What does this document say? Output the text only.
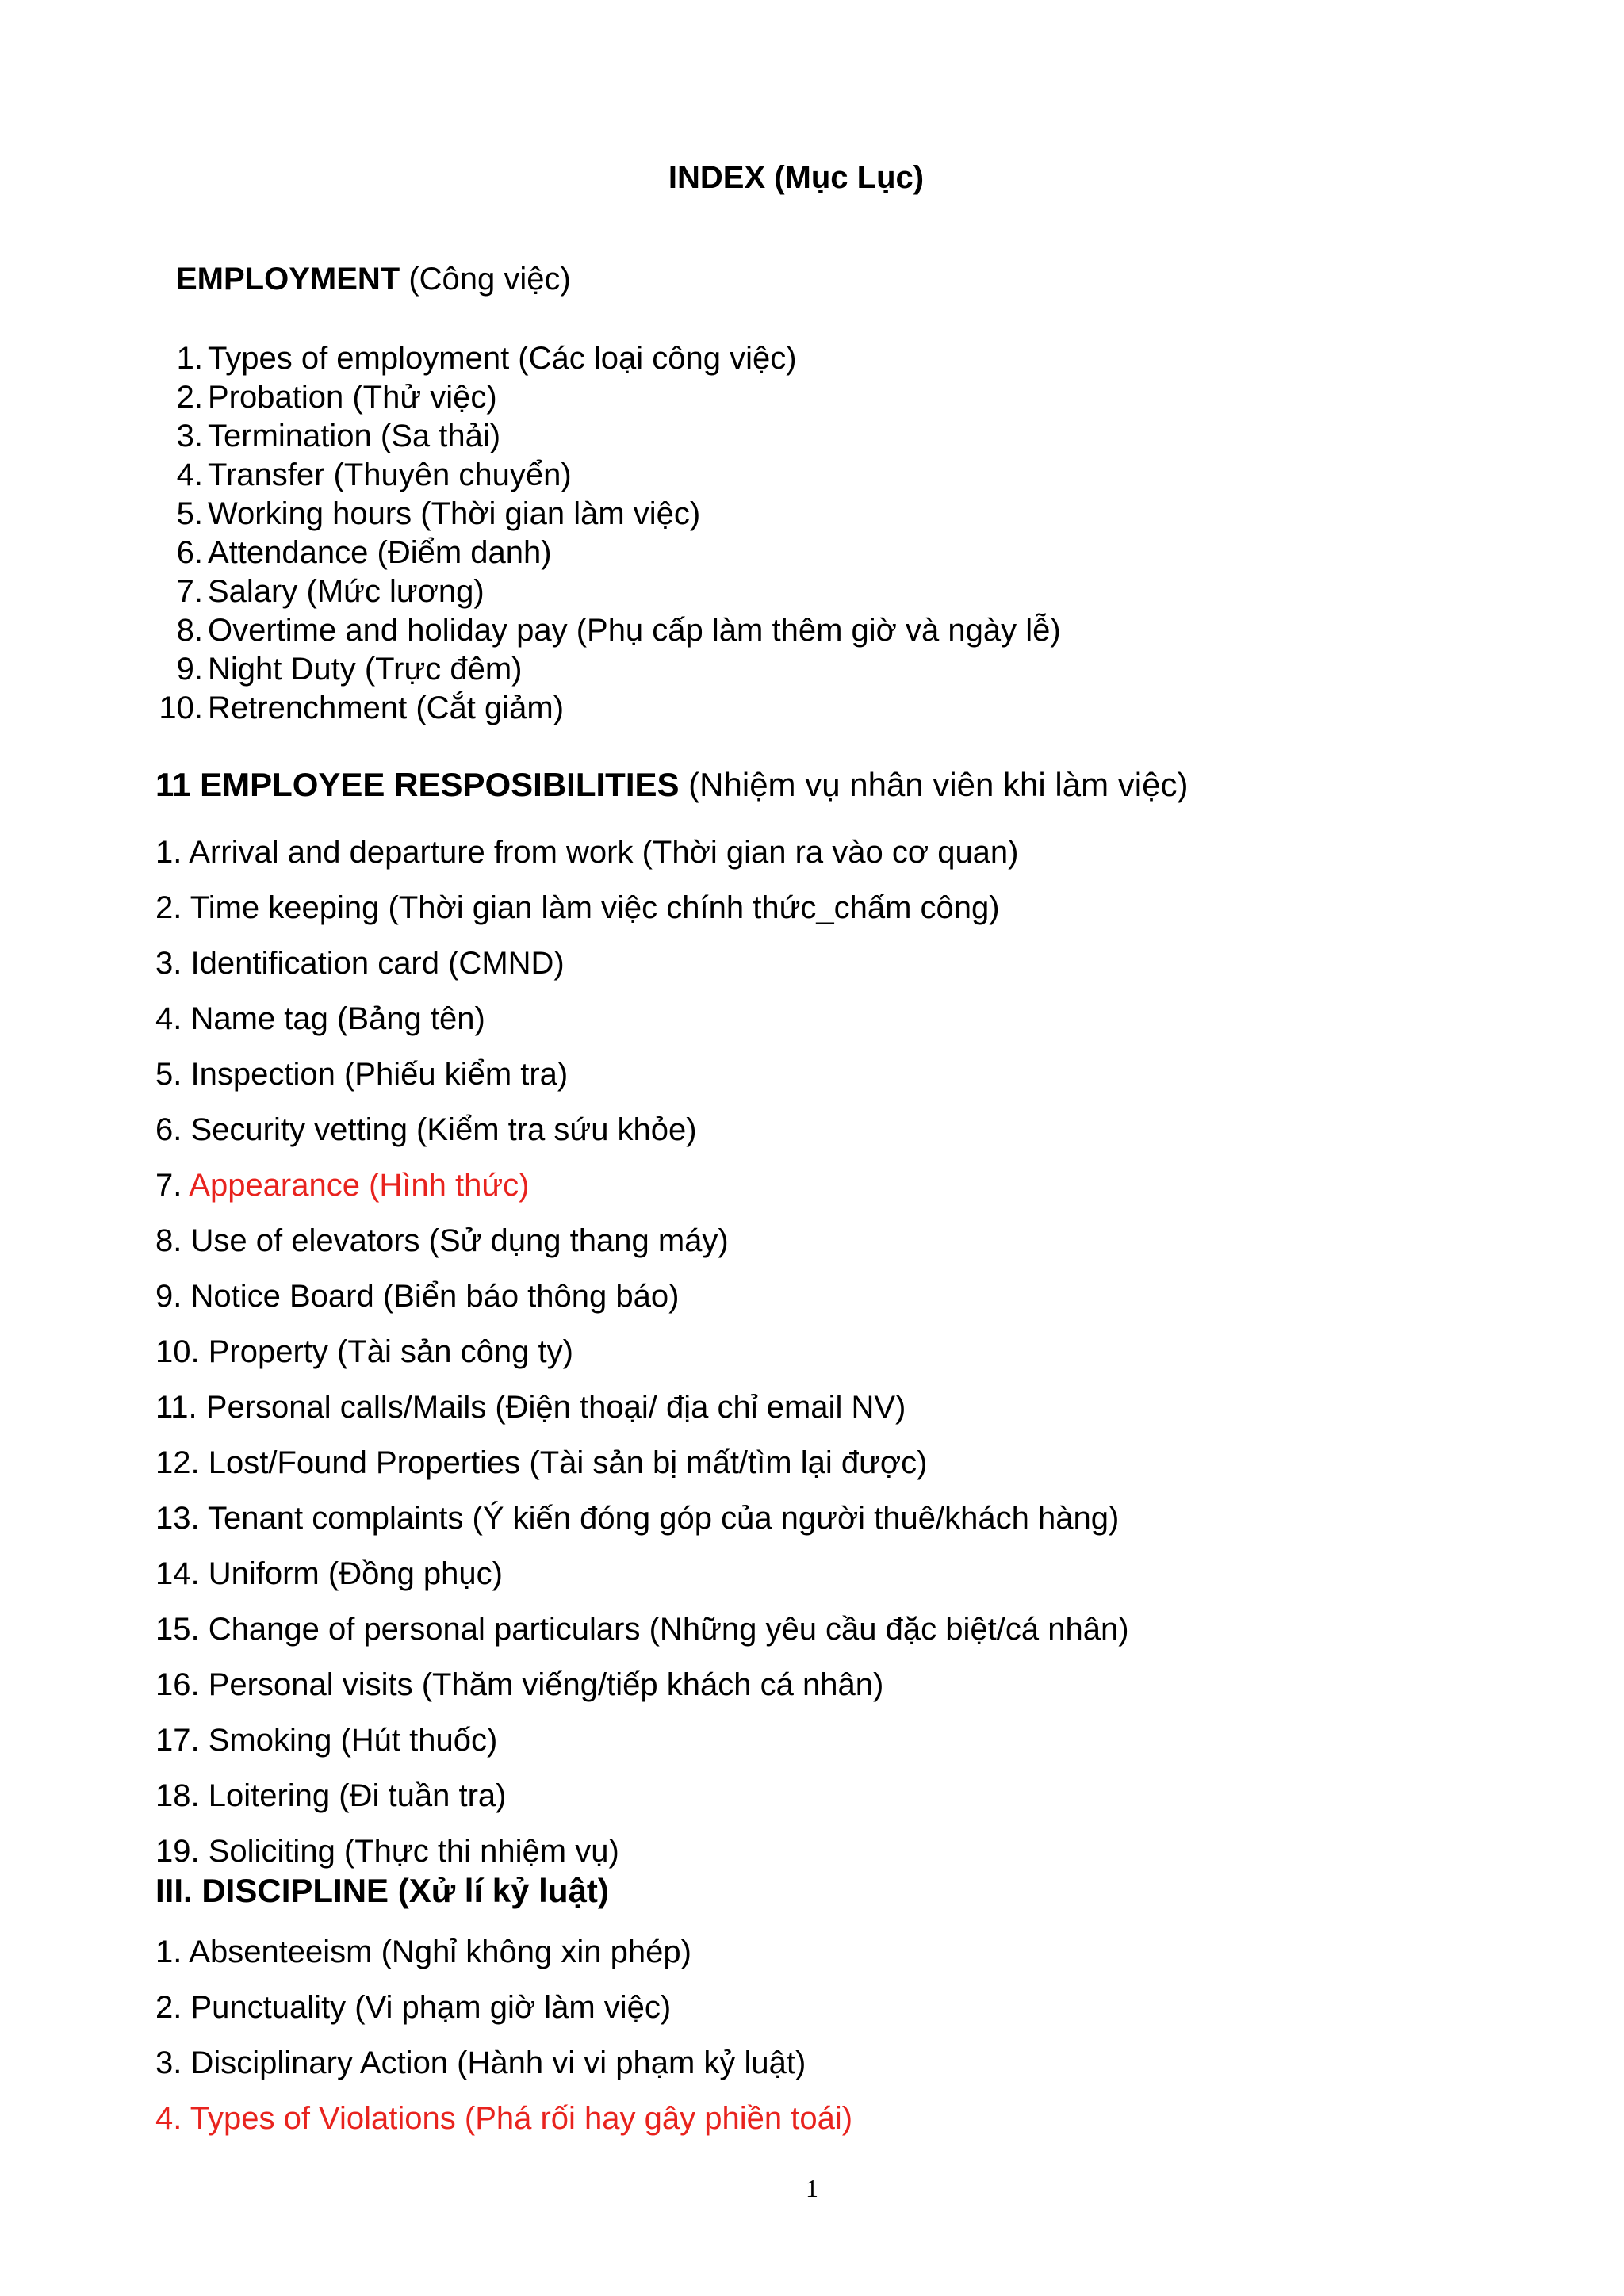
INDEX (Mục Lục)

EMPLOYMENT (Công việc)

1. Types of employment (Các loại công việc)
2. Probation (Thử việc)
3. Termination (Sa thải)
4. Transfer (Thuyên chuyển)
5. Working hours (Thời gian làm việc)
6. Attendance (Điểm danh)
7. Salary (Mức lương)
8. Overtime and holiday pay (Phụ cấp làm thêm giờ và ngày lễ)
9. Night Duty (Trực đêm)
10. Retrenchment (Cắt giảm)

11 EMPLOYEE RESPOSIBILITIES (Nhiệm vụ nhân viên khi làm việc)

1. Arrival and departure from work (Thời gian ra vào cơ quan)
2. Time keeping (Thời gian làm việc chính thức_chấm công)
3. Identification card (CMND)
4. Name tag (Bảng tên)
5. Inspection (Phiếu kiểm tra)
6. Security vetting (Kiểm tra sứu khỏe)
7. Appearance (Hình thức)
8. Use of elevators (Sử dụng thang máy)
9. Notice Board (Biển báo thông báo)
10. Property (Tài sản công ty)
11. Personal calls/Mails (Điện thoại/ địa chỉ email NV)
12. Lost/Found Properties (Tài sản bị mất/tìm lại được)
13. Tenant complaints (Ý kiến đóng góp của người thuê/khách hàng)
14. Uniform (Đồng phục)
15. Change of personal particulars (Những yêu cầu đặc biệt/cá nhân)
16. Personal visits (Thăm viếng/tiếp khách cá nhân)
17. Smoking (Hút thuốc)
18. Loitering (Đi tuần tra)
19. Soliciting (Thực thi nhiệm vụ)

III. DISCIPLINE (Xử lí kỷ luật)

1. Absenteeism (Nghỉ không xin phép)
2. Punctuality (Vi phạm giờ làm việc)
3. Disciplinary Action (Hành vi vi phạm kỷ luật)
4. Types of Violations (Phá rối hay gây phiền toái)

1
